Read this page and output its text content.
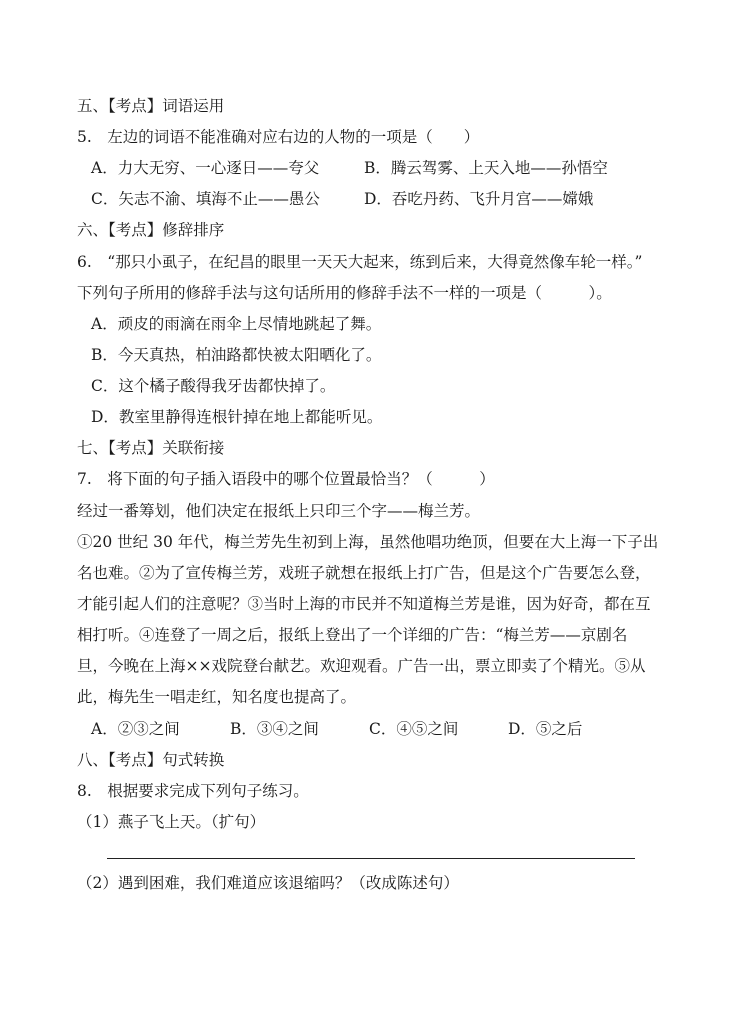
五、【考点】词语运用
5.　左边的词语不能准确对应右边的人物的一项是（　　）
A．力大无穷、一心逐日——夸父	B．腾云驾雾、上天入地——孙悟空
C．矢志不渝、填海不止——愚公	D．吞吃丹药、飞升月宫——嫦娥
六、【考点】修辞排序
6.　“那只小虱子，在纪昌的眼里一天天大起来，练到后来，大得竟然像车轮一样。”
下列句子所用的修辞手法与这句话所用的修辞手法不一样的一项是（　　　）。
A．顽皮的雨滴在雨伞上尽情地跳起了舞。
B．今天真热，柏油路都快被太阳晒化了。
C．这个橘子酸得我牙齿都快掉了。
D．教室里静得连根针掉在地上都能听见。
七、【考点】关联衔接
7.　将下面的句子插入语段中的哪个位置最恰当？（　　　）
经过一番筹划，他们决定在报纸上只印三个字——梅兰芳。
①20 世纪 30 年代，梅兰芳先生初到上海，虽然他唱功绝顶，但要在大上海一下子出
名也难。②为了宣传梅兰芳，戏班子就想在报纸上打广告，但是这个广告要怎么登，
才能引起人们的注意呢？③当时上海的市民并不知道梅兰芳是谁，因为好奇，都在互
相打听。④连登了一周之后，报纸上登出了一个详细的广告：“梅兰芳——京剧名
旦，今晚在上海××戏院登台献艺。欢迎观看。广告一出，票立即卖了个精光。⑤从
此，梅先生一唱走红，知名度也提高了。
A．②③之间	B．③④之间	C．④⑤之间	D．⑤之后
八、【考点】句式转换
8.　根据要求完成下列句子练习。
（1）燕子飞上天。（扩句）
（2）遇到困难，我们难道应该退缩吗？（改成陈述句）
